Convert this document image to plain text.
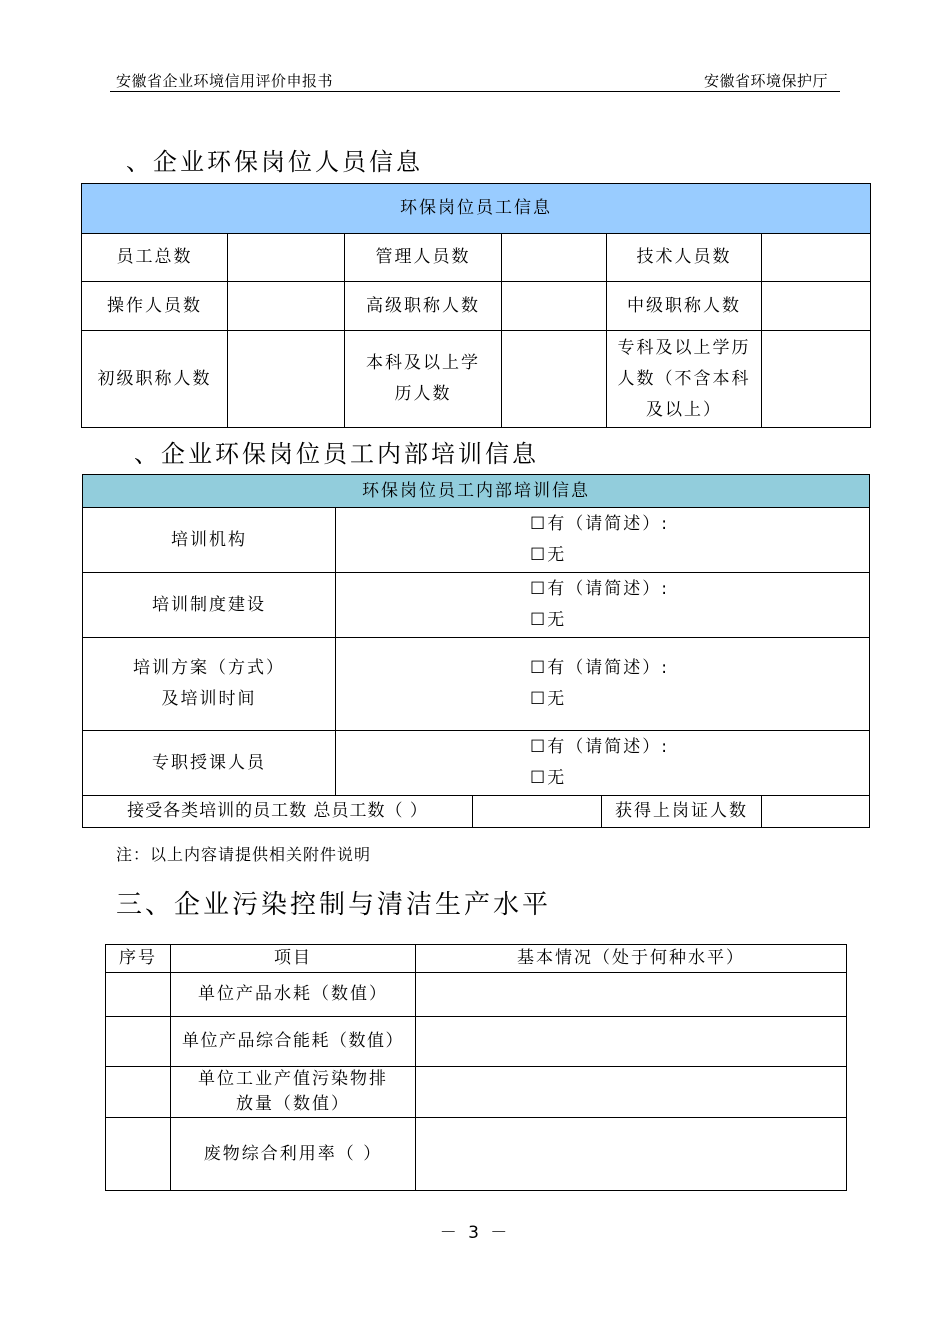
安徽省企业环境信用评价申报书	安徽省环境保护厅
、企业环保岗位人员信息
环保岗位员工信息					
员工总数		管理人员数		技术人员数	
操作人员数		高级职称人数		中级职称人数	
初级职称人数		本科及以上学历人数		专科及以上学历人数（不含本科及以上）	
、企业环保岗位员工内部培训信息
环保岗位员工内部培训信息				
培训机构	☐有（请简述）:
☐无			

培训制度建设	☐有（请简述）:
☐无			

培训方案（方式）及培训时间	☐有（请简述）:
☐无			

专职授课人员	☐有（请简述）:
☐无			

接受各类培训的员工数 总员工数（ ）			获得上岗证人数	
注：以上内容请提供相关附件说明
三、企业污染控制与清洁生产水平
序号	项目	基本情况（处于何种水平）
	单位产品水耗（数值）	
	单位产品综合能耗（数值）	
	单位工业产值污染物排放量（数值）	
	废物综合利用率（ ）	
－ 3 －
